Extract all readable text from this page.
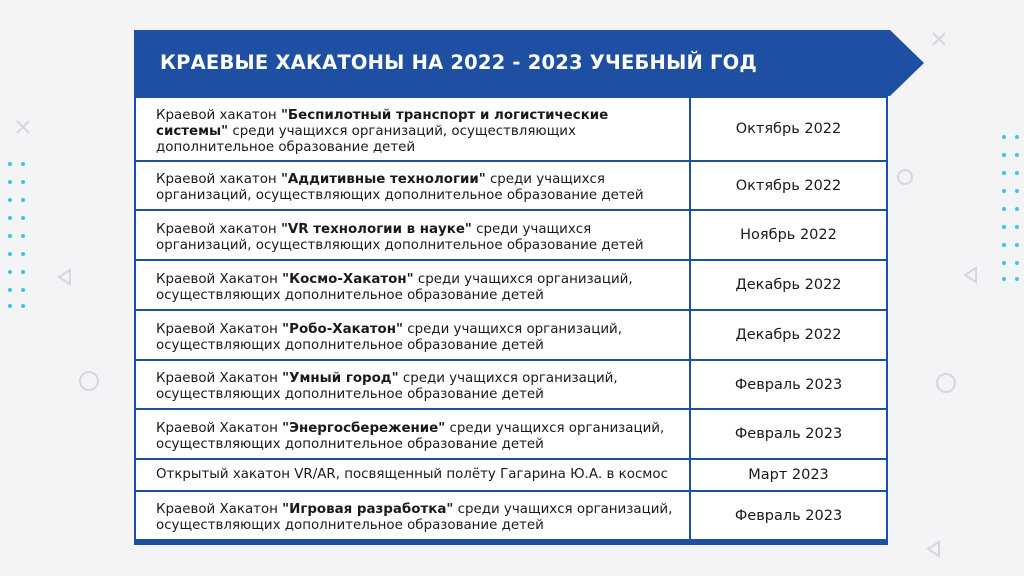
КРАЕВЫЕ ХАКАТОНЫ НА 2022 - 2023 УЧЕБНЫЙ ГОД
Краевой хакатон "Беспилотный транспорт и логистические системы" среди учащихся организаций, осуществляющих дополнительное образование детей
Октябрь 2022
Краевой хакатон "Аддитивные технологии" среди учащихся организаций, осуществляющих дополнительное образование детей
Октябрь 2022
Краевой хакатон "VR технологии в науке" среди учащихся организаций, осуществляющих дополнительное образование детей
Ноябрь 2022
Краевой Хакатон "Космо-Хакатон" среди учащихся организаций, осуществляющих дополнительное образование детей
Декабрь 2022
Краевой Хакатон "Робо-Хакатон" среди учащихся организаций, осуществляющих дополнительное образование детей
Декабрь 2022
Краевой Хакатон "Умный город" среди учащихся организаций, осуществляющих дополнительное образование детей
Февраль 2023
Краевой Хакатон "Энергосбережение" среди учащихся организаций, осуществляющих дополнительное образование детей
Февраль 2023
Открытый хакатон VR/AR, посвященный полёту Гагарина Ю.А. в космос	Март 2023
Краевой Хакатон "Игровая разработка" среди учащихся организаций, осуществляющих дополнительное образование детей
Февраль 2023
